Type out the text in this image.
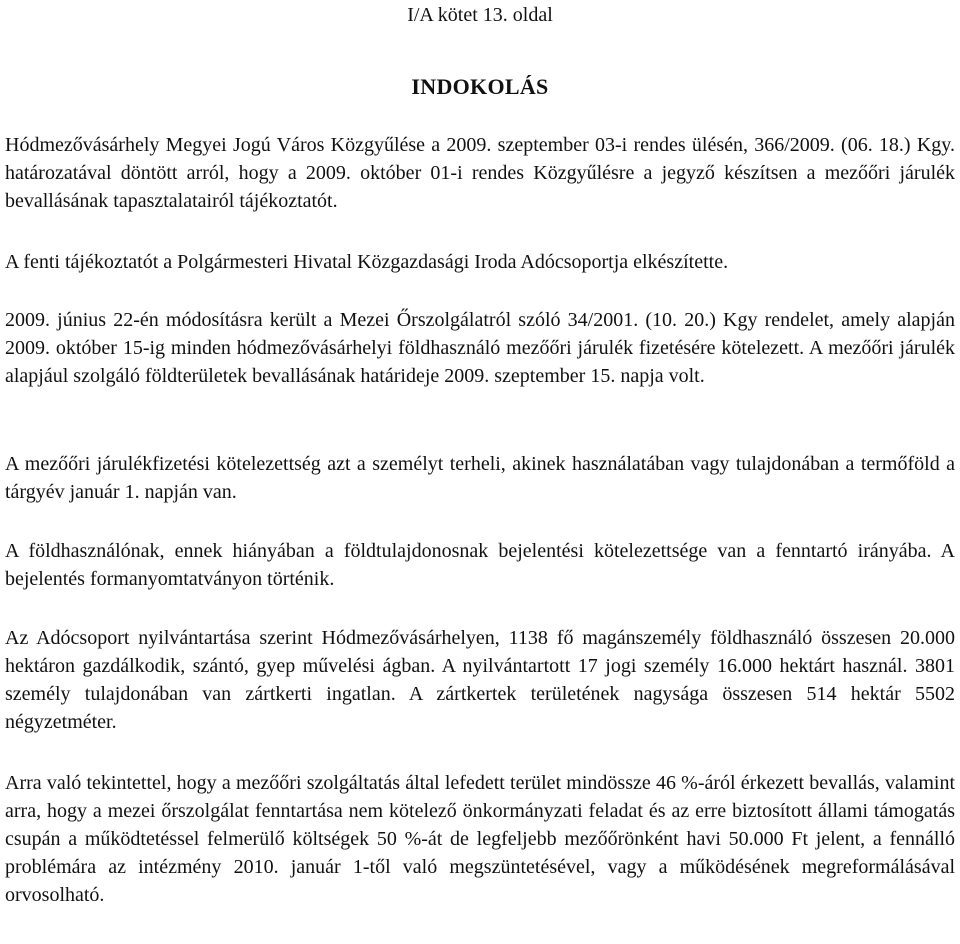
I/A kötet 13. oldal
INDOKOLÁS

Hódmezővásárhely Megyei Jogú Város Közgyűlése a 2009. szeptember 03-i rendes ülésén, 366/2009. (06. 18.) Kgy. határozatával döntött arról, hogy a 2009. október 01-i rendes Közgyűlésre a jegyző készítsen a mezőőri járulék bevallásának tapasztalatairól tájékoztatót.

A fenti tájékoztatót a Polgármesteri Hivatal Közgazdasági Iroda Adócsoportja elkészítette.

2009. június 22-én módosításra került a Mezei Őrszolgálatról szóló 34/2001. (10. 20.) Kgy rendelet, amely alapján 2009. október 15-ig minden hódmezővásárhelyi földhasználó mezőőri járulék fizetésére kötelezett. A mezőőri járulék alapjául szolgáló földterületek bevallásának határideje 2009. szeptember 15. napja volt.

A mezőőri járulékfizetési kötelezettség azt a személyt terheli, akinek használatában vagy tulajdonában a termőföld a tárgyév január 1. napján van.

A földhasználónak, ennek hiányában a földtulajdonosnak bejelentési kötelezettsége van a fenntartó irányába. A bejelentés formanyomtatványon történik.

Az Adócsoport nyilvántartása szerint Hódmezővásárhelyen, 1138 fő magánszemély földhasználó összesen 20.000 hektáron gazdálkodik, szántó, gyep művelési ágban. A nyilvántartott 17 jogi személy 16.000 hektárt használ. 3801 személy tulajdonában van zártkerti ingatlan. A zártkertek területének nagysága összesen 514 hektár 5502 négyzetméter.

Arra való tekintettel, hogy a mezőőri szolgáltatás által lefedett terület mindössze 46 %-áról érkezett bevallás, valamint arra, hogy a mezei őrszolgálat fenntartása nem kötelező önkormányzati feladat és az erre biztosított állami támogatás csupán a működtetéssel felmerülő költségek 50 %-át de legfeljebb mezőőrönként havi 50.000 Ft jelent, a fennálló problémára az intézmény 2010. január 1-től való megszüntetésével, vagy a működésének megreformálásával orvosolható.
